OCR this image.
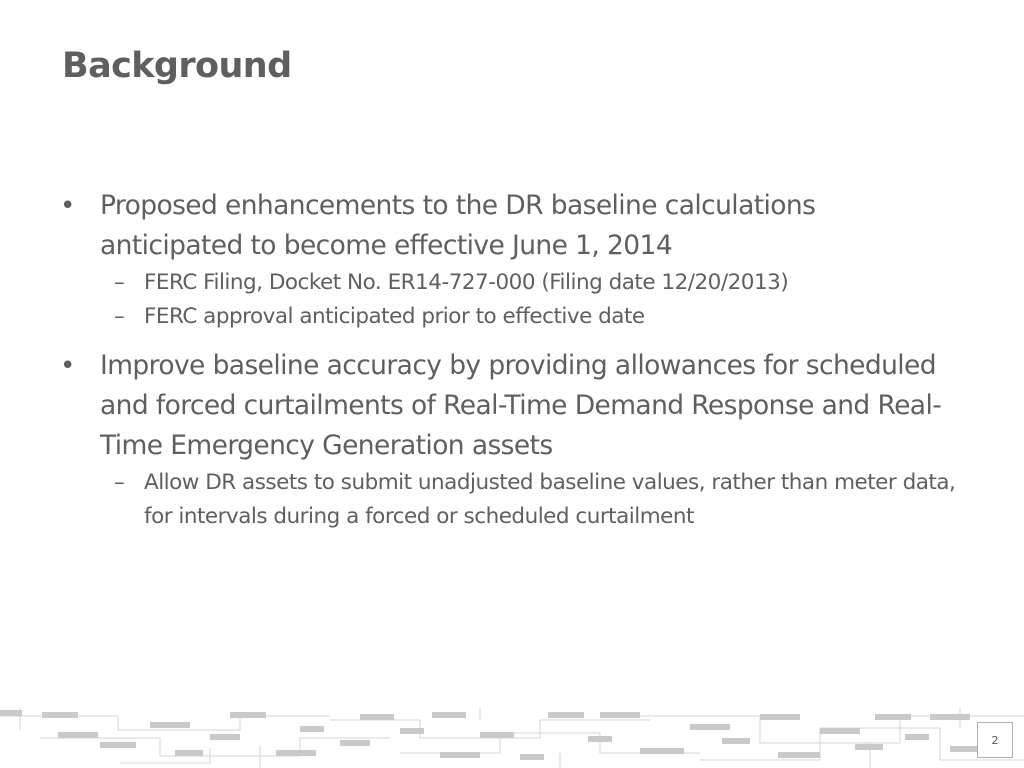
Background
• Proposed enhancements to the DR baseline calculations anticipated to become effective June 1, 2014
– FERC Filing, Docket No. ER14-727-000 (Filing date 12/20/2013)
– FERC approval anticipated prior to effective date
• Improve baseline accuracy by providing allowances for scheduled and forced curtailments of Real-Time Demand Response and Real-Time Emergency Generation assets
– Allow DR assets to submit unadjusted baseline values, rather than meter data, for intervals during a forced or scheduled curtailment
2
